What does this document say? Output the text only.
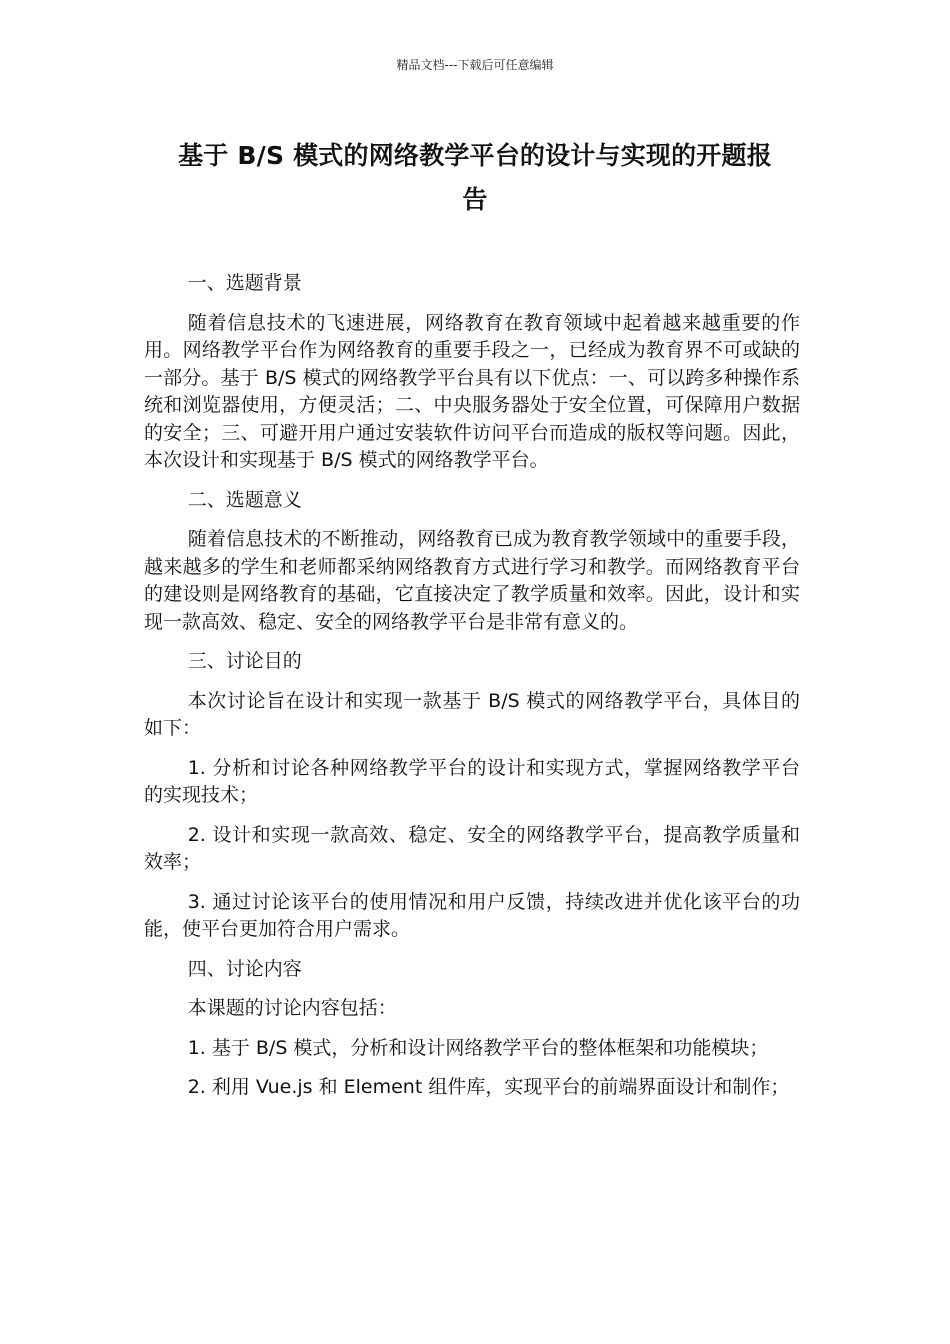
精品文档---下载后可任意编辑
基于 B/S 模式的网络教学平台的设计与实现的开题报
告

一、选题背景

随着信息技术的飞速进展，网络教育在教育领域中起着越来越重要的作用。网络教学平台作为网络教育的重要手段之一，已经成为教育界不可或缺的一部分。基于 B/S 模式的网络教学平台具有以下优点：一、可以跨多种操作系统和浏览器使用，方便灵活；二、中央服务器处于安全位置，可保障用户数据的安全；三、可避开用户通过安装软件访问平台而造成的版权等问题。因此，本次设计和实现基于 B/S 模式的网络教学平台。

二、选题意义

随着信息技术的不断推动，网络教育已成为教育教学领域中的重要手段，越来越多的学生和老师都采纳网络教育方式进行学习和教学。而网络教育平台的建设则是网络教育的基础，它直接决定了教学质量和效率。因此，设计和实现一款高效、稳定、安全的网络教学平台是非常有意义的。

三、讨论目的

本次讨论旨在设计和实现一款基于 B/S 模式的网络教学平台，具体目的如下：

1. 分析和讨论各种网络教学平台的设计和实现方式，掌握网络教学平台的实现技术；

2. 设计和实现一款高效、稳定、安全的网络教学平台，提高教学质量和效率；

3. 通过讨论该平台的使用情况和用户反馈，持续改进并优化该平台的功能，使平台更加符合用户需求。

四、讨论内容

本课题的讨论内容包括：

1. 基于 B/S 模式，分析和设计网络教学平台的整体框架和功能模块；

2. 利用 Vue.js 和 Element 组件库，实现平台的前端界面设计和制作；
